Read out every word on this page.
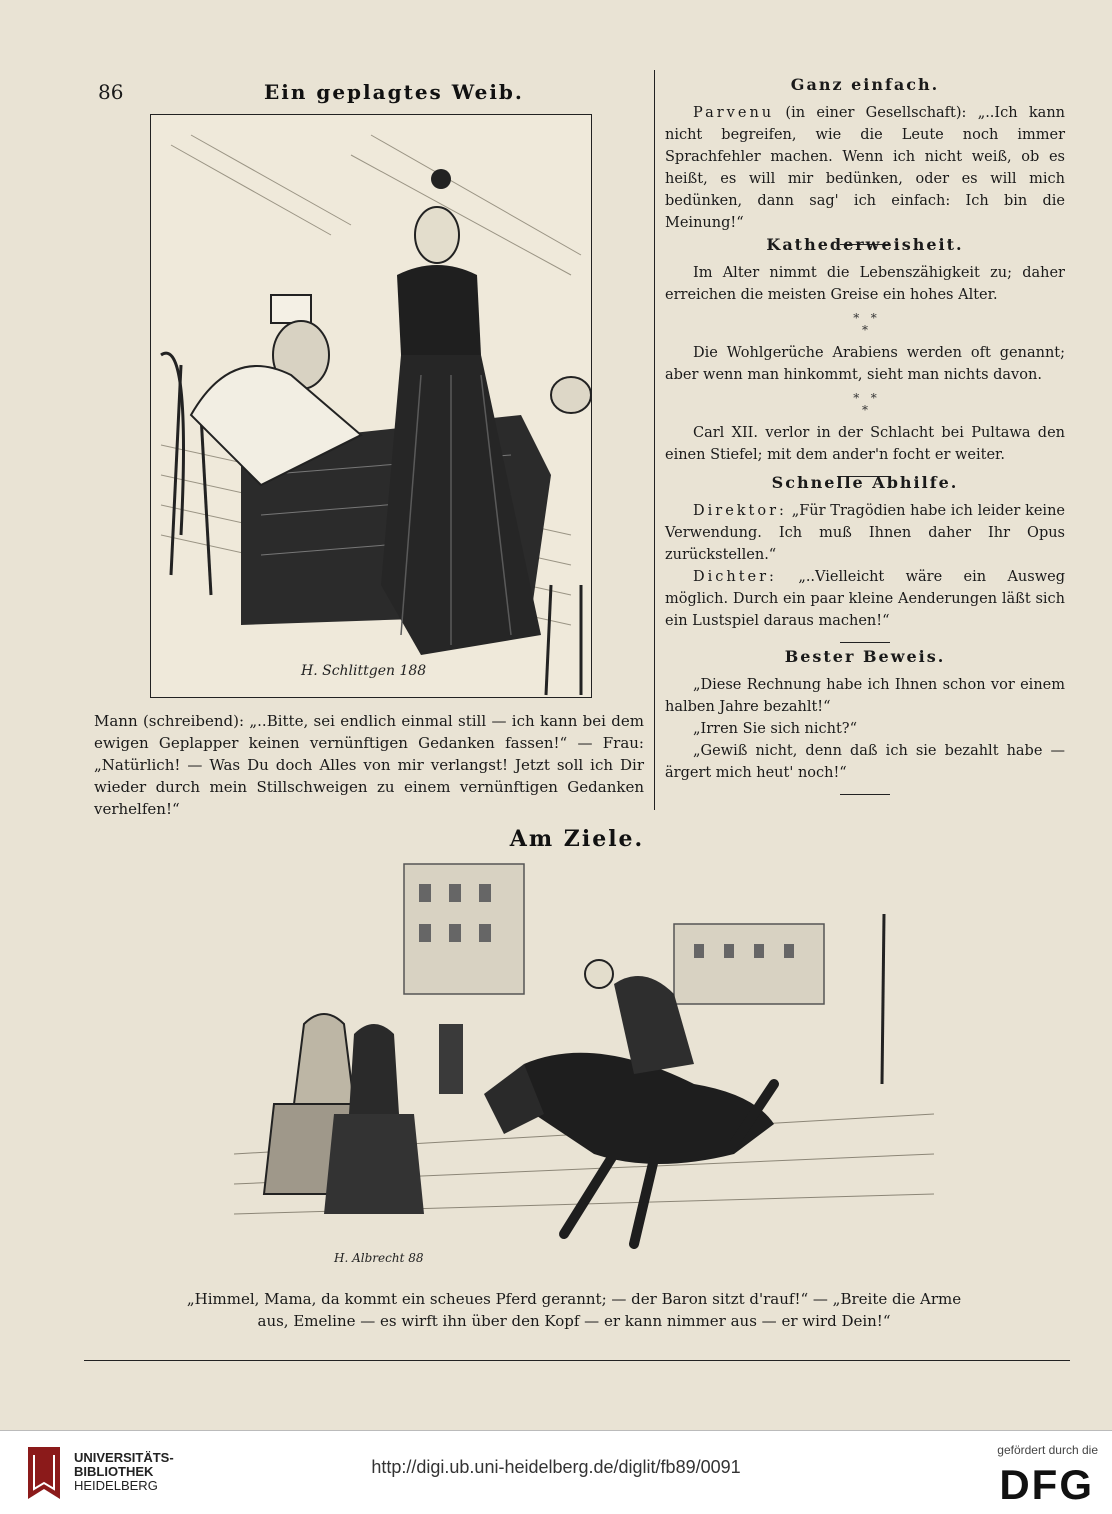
86	Ein geplagtes Weib.
H. Schlittgen 188
Mann (schreibend): „..Bitte, sei endlich einmal still — ich kann bei dem ewigen Geplapper keinen vernünftigen Gedanken fassen!“ — Frau: „Natürlich! — Was Du doch Alles von mir verlangst! Jetzt soll ich Dir wieder durch mein Stillschweigen zu einem vernünftigen Gedanken verhelfen!“
Ganz einfach.

Parvenu (in einer Gesellschaft): „..Ich kann nicht begreifen, wie die Leute noch immer Sprachfehler machen. Wenn ich nicht weiß, ob es heißt, es will mir bedünken, oder es will mich bedünken, dann sag' ich einfach: Ich bin die Meinung!“

Kathederweisheit.

Im Alter nimmt die Lebenszähigkeit zu; daher erreichen die meisten Greise ein hohes Alter.

*   *
*

Die Wohlgerüche Arabiens werden oft genannt; aber wenn man hinkommt, sieht man nichts davon.

*   *
*

Carl XII. verlor in der Schlacht bei Pultawa den einen Stiefel; mit dem ander'n focht er weiter.

Schnelle Abhilfe.

Direktor: „Für Tragödien habe ich leider keine Verwendung. Ich muß Ihnen daher Ihr Opus zurückstellen.“

Dichter: „..Vielleicht wäre ein Ausweg möglich. Durch ein paar kleine Aenderungen läßt sich ein Lustspiel daraus machen!“

Bester Beweis.

„Diese Rechnung habe ich Ihnen schon vor einem halben Jahre bezahlt!“

„Irren Sie sich nicht?“

„Gewiß nicht, denn daß ich sie bezahlt habe — ärgert mich heut' noch!“

Am Ziele.
H. Albrecht 88
„Himmel, Mama, da kommt ein scheues Pferd gerannt; — der Baron sitzt d'rauf!“ — „Breite die Arme aus, Emeline — es wirft ihn über den Kopf — er kann nimmer aus — er wird Dein!“
UNIVERSITÄTS-
BIBLIOTHEK
HEIDELBERG
http://digi.ub.uni-heidelberg.de/diglit/fb89/0091
gefördert durch die
DFG
